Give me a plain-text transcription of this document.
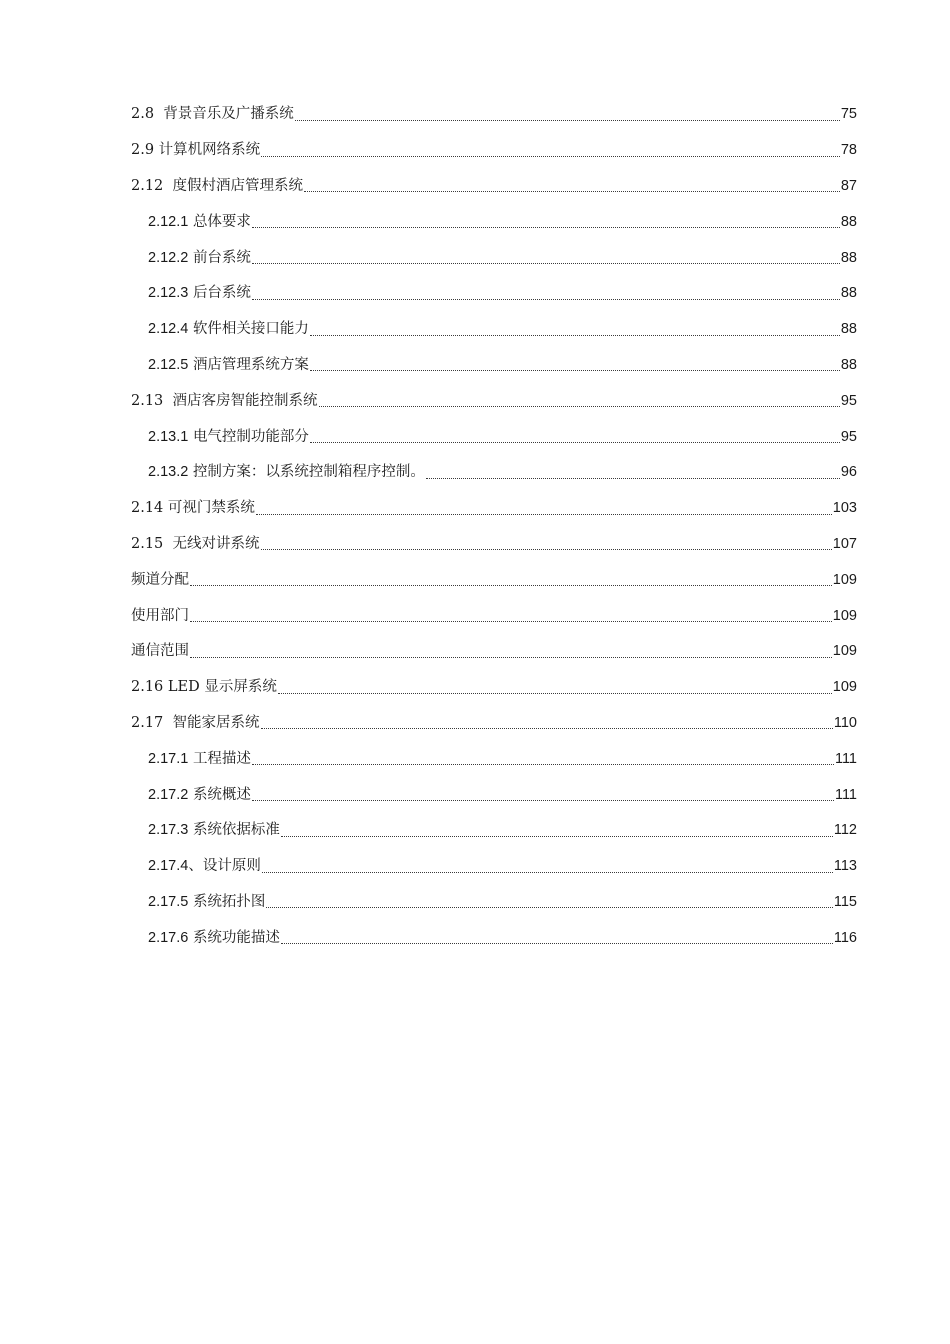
2.8 背景音乐及广播系统	75
2.9 计算机网络系统	78
2.12 度假村酒店管理系统	87
2.12.1 总体要求	88
2.12.2 前台系统	88
2.12.3 后台系统	88
2.12.4 软件相关接口能力	88
2.12.5 酒店管理系统方案	88
2.13 酒店客房智能控制系统	95
2.13.1 电气控制功能部分	95
2.13.2 控制方案：以系统控制箱程序控制。	96
2.14 可视门禁系统	103
2.15 无线对讲系统	107
频道分配	109
使用部门	109
通信范围	109
2.16 LED 显示屏系统	109
2.17 智能家居系统	110
2.17.1 工程描述	111
2.17.2 系统概述	111
2.17.3 系统依据标准	112
2.17.4、设计原则	113
2.17.5 系统拓扑图	115
2.17.6 系统功能描述	116
